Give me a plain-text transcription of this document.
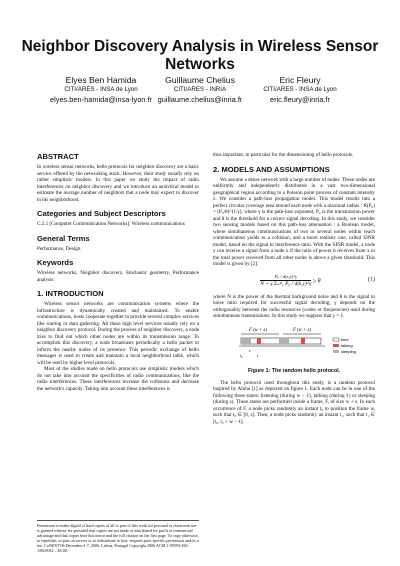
Neighbor Discovery Analysis in Wireless Sensor Networks
Elyes Ben Hamida
CITI/ARES - INSA de Lyon
elyes.ben-hamida@insa-lyon.fr
Guillaume Chelius
CITI/ARES - INRIA
guillaume.chelius@inria.fr
Eric Fleury
CITI/ARES - INSA de Lyon
eric.fleury@inria.fr
ABSTRACT

In wireless sensor networks, hello protocols for neighbor discovery are a basic service offered by the networking stack. However, their study usually rely on rather simplistic models. In this paper we study the impact of radio interferences on neighbor discovery and we introduce an analytical model to estimate the average number of neighbors that a node may expect to discover in his neighborhood.

Categories and Subject Descriptors

C.2.1 [Computer Communication Networks]: Wireless communications

General Terms

Performance, Design

Keywords

Wireless networks, Neighbor discovery, Stochastic geometry, Performance analysis

1. INTRODUCTION

Wireless sensor networks are communication systems where the infrastructure is dynamically created and maintained. To enable communications, hosts cooperate together to provide several complex services like routing or data gathering. All these high level services usually rely on a neighbor discovery protocol. During the process of neighbor discovery, a node tries to find out which other nodes are within its transmission range. To accomplish this discovery, a node broadcasts periodically a hello packet to inform the nearby nodes of its presence. This periodic exchange of hello messages is used to create and maintain a local neighborhood table, which will be used by higher level protocols.

Most of the studies made on hello protocols use simplistic models which do not take into account the specificities of radio communications, like the radio interferences. These interferences increase the collisions and decrease the network's capacity. Taking into account these interferences is

Permission to make digital or hard copies of all or part of this work for personal or classroom use is granted without fee provided that copies are not made or distributed for profit or commercial advantage and that copies bear this notice and the full citation on the first page. To copy otherwise, to republish, to post on servers or to redistribute to lists, requires prior specific permission and/or a fee. CoNEXT'06 December 4-7, 2006, Lisboa, Portugal Copyright 2006 ACM 1-59593-456-1/06/0012 ...$5.00.

thus important, in particular for the dimensioning of hello protocols.

2. MODELS AND ASSUMPTIONS

We assume a dense network with a large number of nodes. These nodes are uniformly and independently distributed in a vast two-dimensional geographical region according to a Poisson point process of constant intensity λ. We consider a path-loss propagation model. This model results into a perfect circular coverage area around each node with a maximal radius : R(P₀) = (P₀/θ)^(1/γ), where γ is the path-loss exponent, P₀ is the transmission power and θ is the threshold for a correct signal decoding. In this study, we consider two sensing models based on this path-loss attenuation : a Boolean model, where simultaneous communications of two or several nodes within reach communication yields to a collision, and a more realistic one, called SINR model, based on the signal to interference ratio. With the SINR model, a node y can receive a signal from a node x if the ratio of power it receives from x to the total power received from all other nodes is above a given threshold. This model is given by [2]:

$\frac{\text{P₀ / d(x,y)\textasciicircum{}γ}}{\text{N + γ Σₖ≠ₓ P₀ / d(k,y)\textasciicircum{}γ}} \ge \theta$	(1)

where N is the power of the thermal background noise and θ is the signal to noise ratio required for successful signal decoding, γ depends on the orthogonality between the radio resources (codes or frequencies) used during simultaneous transmissions. In this study we suppose that γ = 1.

F (u + s)	F (u + s)
τ
t₀	t
time
talking
sleeping
Figure 1: The random hello protocol.

The hello protocol used throughout this study, is a random protocol inspired by Aloha [1] as depicted on figure 1. Each node can be in one of the following three states: listening (during w − ℓ), talking (during ℓ) or sleeping (during s). These states are performed inside a frame, F, of size w + s. In each occurrence of F, a node picks randomly an instant t₀ to position the frame w, such that t₀ ∈ [0, s]. Then, a node picks randomly an instant t₁, such that t₁ ∈ [t₀, t₀ + w − ℓ].
